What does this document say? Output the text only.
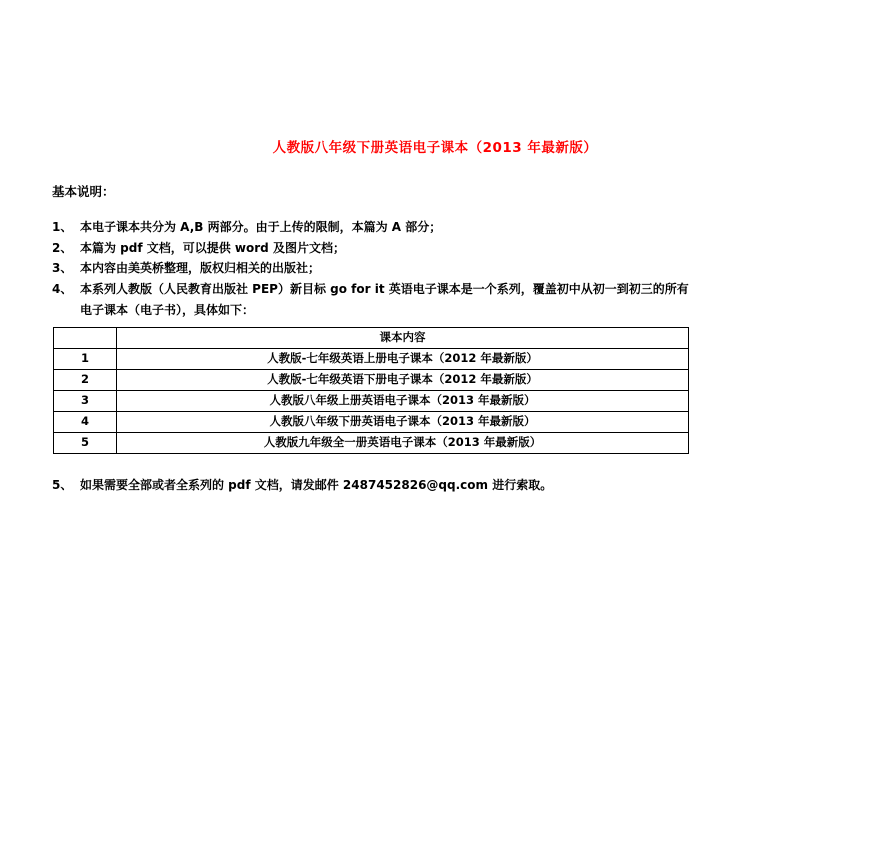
人教版八年级下册英语电子课本（2013 年最新版）
基本说明：
1、 本电子课本共分为 A,B 两部分。由于上传的限制，本篇为 A 部分；
2、 本篇为 pdf 文档，可以提供 word 及图片文档；
3、 本内容由美英桥整理，版权归相关的出版社；
4、 本系列人教版（人民教育出版社 PEP）新目标 go for it 英语电子课本是一个系列，覆盖初中从初一到初三的所有
电子课本（电子书），具体如下：
	课本内容
1	人教版-七年级英语上册电子课本（2012 年最新版）
2	人教版-七年级英语下册电子课本（2012 年最新版）
3	人教版八年级上册英语电子课本（2013 年最新版）
4	人教版八年级下册英语电子课本（2013 年最新版）
5	人教版九年级全一册英语电子课本（2013 年最新版）
5、 如果需要全部或者全系列的 pdf 文档，请发邮件 2487452826@qq.com 进行索取。
